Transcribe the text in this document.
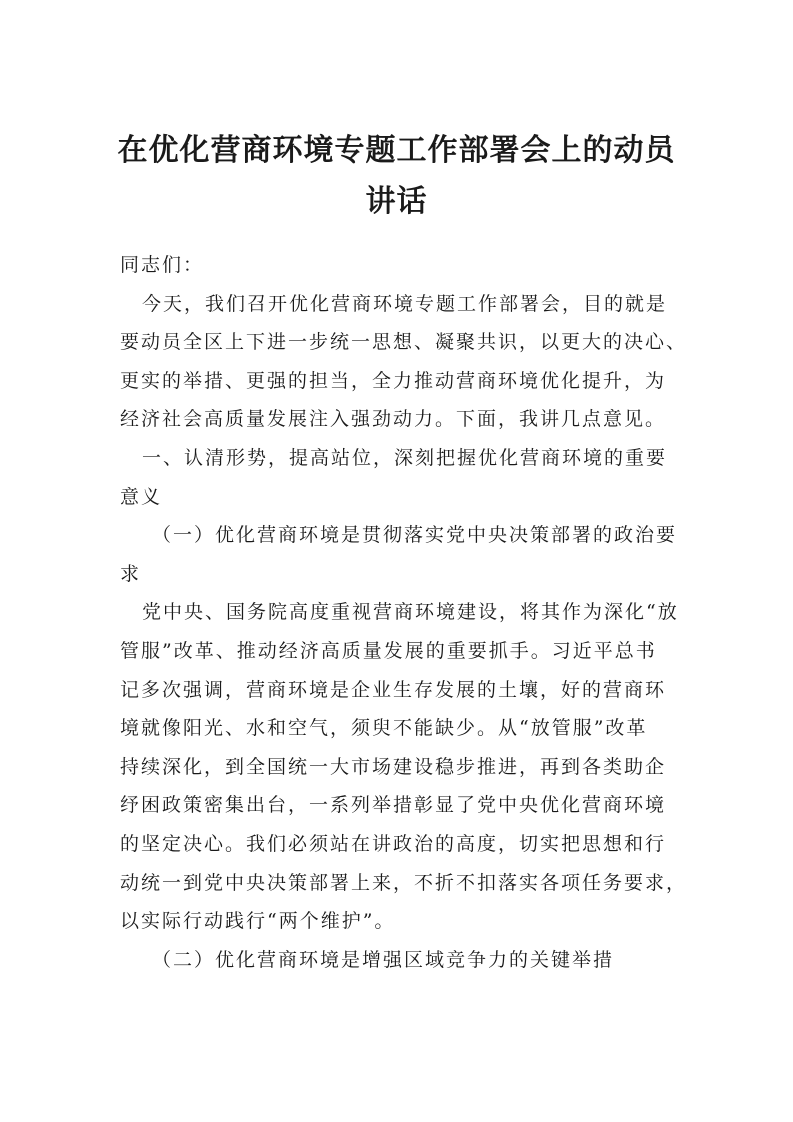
在优化营商环境专题工作部署会上的动员
讲话
同志们：
今天，我们召开优化营商环境专题工作部署会，目的就是
要动员全区上下进一步统一思想、凝聚共识，以更大的决心、
更实的举措、更强的担当，全力推动营商环境优化提升，为
经济社会高质量发展注入强劲动力。下面，我讲几点意见。
一、认清形势，提高站位，深刻把握优化营商环境的重要
意义
（一）优化营商环境是贯彻落实党中央决策部署的政治要
求
党中央、国务院高度重视营商环境建设，将其作为深化“放
管服”改革、推动经济高质量发展的重要抓手。习近平总书
记多次强调，营商环境是企业生存发展的土壤，好的营商环
境就像阳光、水和空气，须臾不能缺少。从“放管服”改革
持续深化，到全国统一大市场建设稳步推进，再到各类助企
纾困政策密集出台，一系列举措彰显了党中央优化营商环境
的坚定决心。我们必须站在讲政治的高度，切实把思想和行
动统一到党中央决策部署上来，不折不扣落实各项任务要求，
以实际行动践行“两个维护”。
（二）优化营商环境是增强区域竞争力的关键举措
